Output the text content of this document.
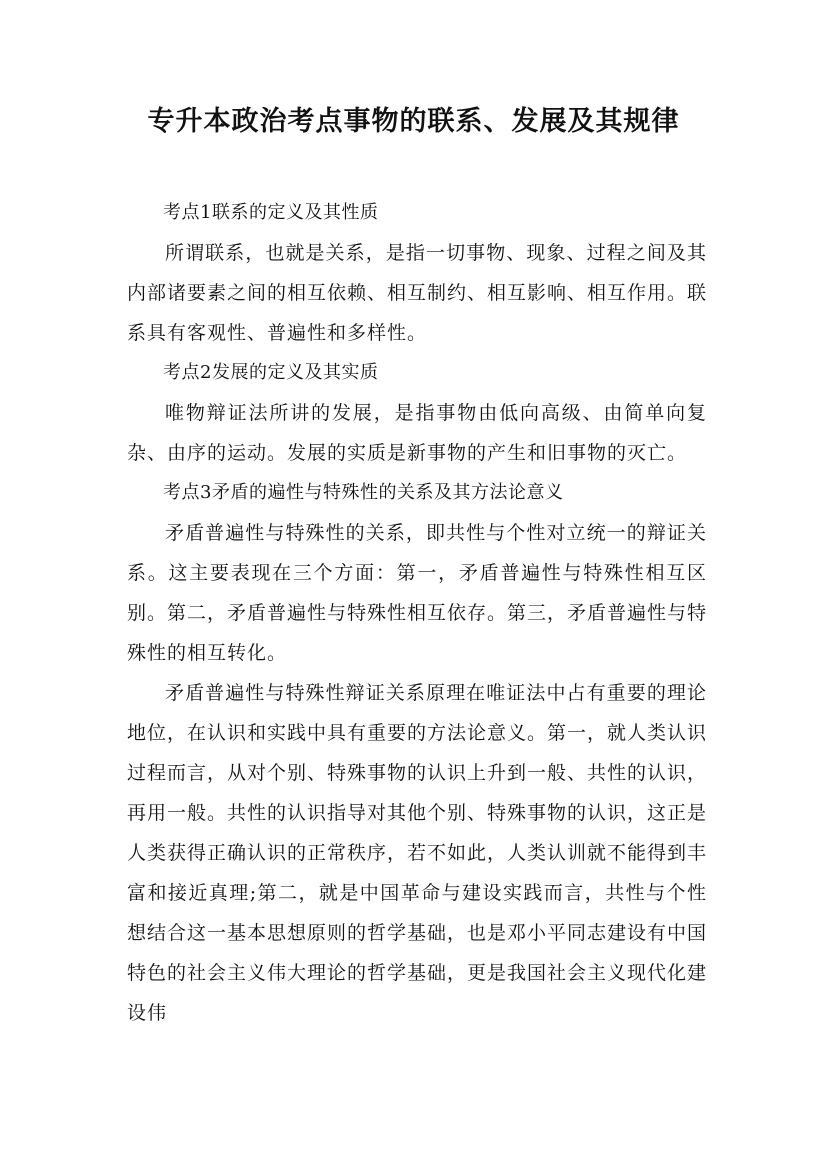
专升本政治考点事物的联系、发展及其规律

考点1联系的定义及其性质

所谓联系，也就是关系，是指一切事物、现象、过程之间及其内部诸要素之间的相互依赖、相互制约、相互影响、相互作用。联系具有客观性、普遍性和多样性。

考点2发展的定义及其实质

唯物辩证法所讲的发展，是指事物由低向高级、由简单向复杂、由序的运动。发展的实质是新事物的产生和旧事物的灭亡。

考点3矛盾的遍性与特殊性的关系及其方法论意义

矛盾普遍性与特殊性的关系，即共性与个性对立统一的辩证关系。这主要表现在三个方面：第一，矛盾普遍性与特殊性相互区别。第二，矛盾普遍性与特殊性相互依存。第三，矛盾普遍性与特殊性的相互转化。

矛盾普遍性与特殊性辩证关系原理在唯证法中占有重要的理论地位，在认识和实践中具有重要的方法论意义。第一，就人类认识过程而言，从对个别、特殊事物的认识上升到一般、共性的认识，再用一般。共性的认识指导对其他个别、特殊事物的认识，这正是人类获得正确认识的正常秩序，若不如此，人类认训就不能得到丰富和接近真理;第二，就是中国革命与建设实践而言，共性与个性想结合这一基本思想原则的哲学基础，也是邓小平同志建设有中国特色的社会主义伟大理论的哲学基础，更是我国社会主义现代化建设伟
